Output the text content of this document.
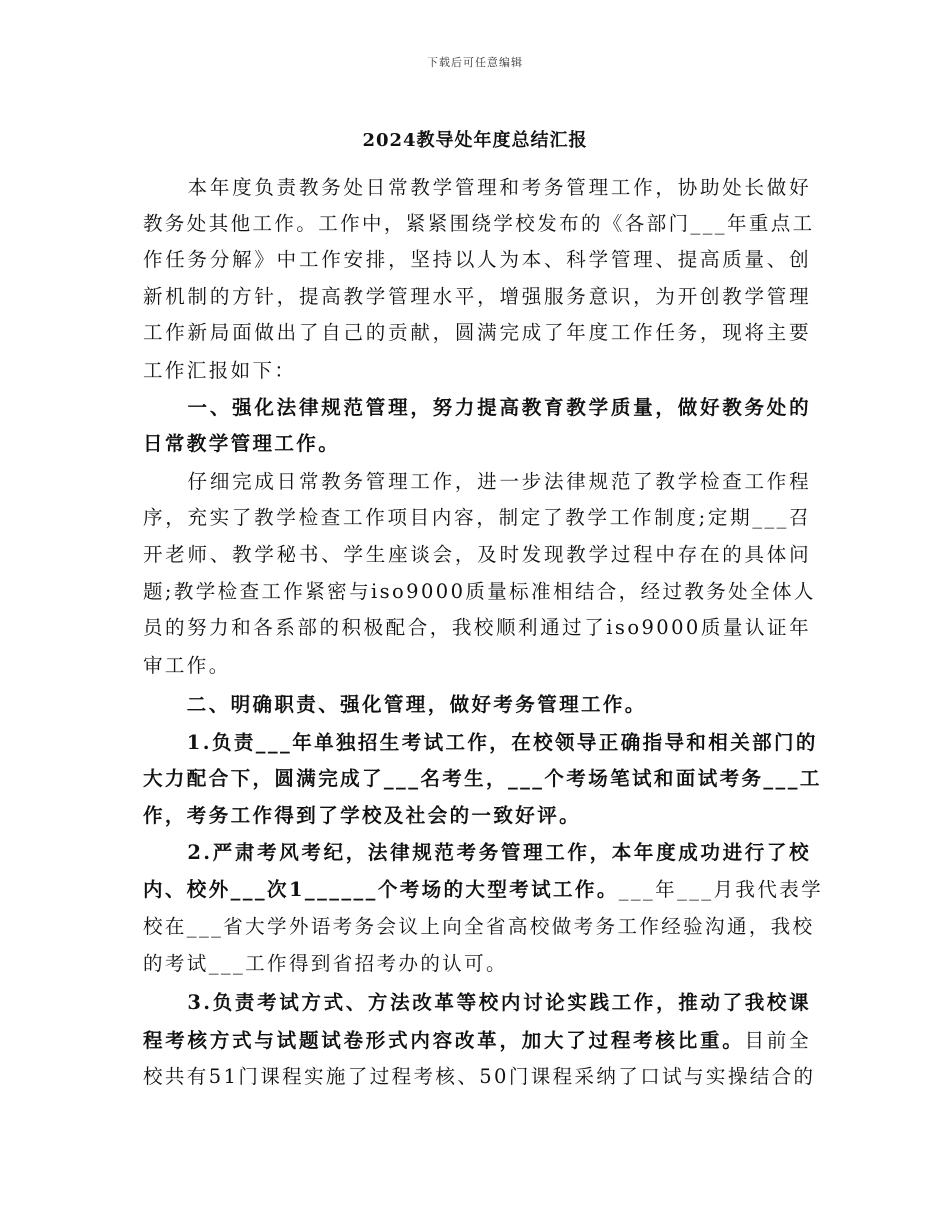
下载后可任意编辑
2024教导处年度总结汇报
　　本年度负责教务处日常教学管理和考务管理工作，协助处长做好
教务处其他工作。工作中，紧紧围绕学校发布的《各部门___年重点工
作任务分解》中工作安排，坚持以人为本、科学管理、提高质量、创
新机制的方针，提高教学管理水平，增强服务意识，为开创教学管理
工作新局面做出了自己的贡献，圆满完成了年度工作任务，现将主要
工作汇报如下：
　　一、强化法律规范管理，努力提高教育教学质量，做好教务处的
日常教学管理工作。
　　仔细完成日常教务管理工作，进一步法律规范了教学检查工作程
序，充实了教学检查工作项目内容，制定了教学工作制度;定期___召
开老师、教学秘书、学生座谈会，及时发现教学过程中存在的具体问
题;教学检查工作紧密与iso9000质量标准相结合，经过教务处全体人
员的努力和各系部的积极配合，我校顺利通过了iso9000质量认证年
审工作。
　　二、明确职责、强化管理，做好考务管理工作。
　　1.负责___年单独招生考试工作，在校领导正确指导和相关部门的
大力配合下，圆满完成了___名考生，___个考场笔试和面试考务___工
作，考务工作得到了学校及社会的一致好评。
　　2.严肃考风考纪，法律规范考务管理工作，本年度成功进行了校
内、校外___次1______个考场的大型考试工作。___年___月我代表学
校在___省大学外语考务会议上向全省高校做考务工作经验沟通，我校
的考试___工作得到省招考办的认可。
　　3.负责考试方式、方法改革等校内讨论实践工作，推动了我校课
程考核方式与试题试卷形式内容改革，加大了过程考核比重。目前全
校共有51门课程实施了过程考核、50门课程采纳了口试与实操结合的
